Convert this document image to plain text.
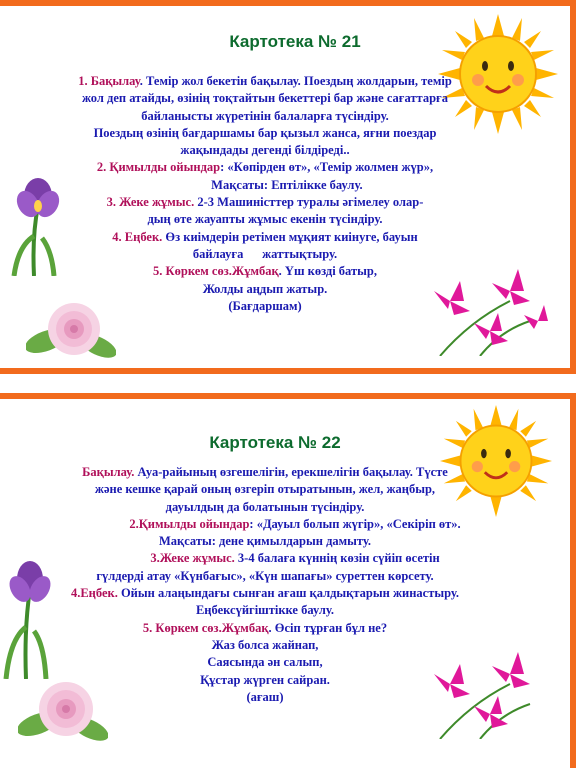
Картотека № 21
1. Бақылау. Темір жол бекетін бақылау. Поездың жолдарын, темір
жол деп атайды, өзінің тоқтайтын бекеттері бар және сағаттарға
байланысты жүретінін балаларға түсіндіру.
Поездың өзінің бағдаршамы бар қызыл жанса, яғни поездар
жақындады дегенді білдіреді..
2. Қимылды ойындар: «Көпірден өт», «Темір жолмен жүр»,
Мақсаты: Ептілікке баулу.
3. Жеке жұмыс. 2-3 Машиністтер туралы әгімелеу олар-
дың өте жауапты жұмыс екенін түсіндіру.
4. Еңбек. Өз киімдерін ретімен мұқият киінуге, бауын
байлауға      жаттықтыру.
5. Көркем сөз.Жұмбақ. Үш көзді батыр,
Жолды аңдып жатыр.
(Бағдаршам)
Картотека № 22
Бақылау. Ауа-райының өзгешелігін, ерекшелігін бақылау. Түсте
және кешке қарай оның өзгеріп отыратынын, жел, жаңбыр,
дауылдың да болатынын түсіндіру.
2.Қимылды ойындар: «Дауыл болып жүгір», «Секіріп өт».
Мақсаты: дене қимылдарын дамыту.
3.Жеке жұмыс. 3-4 балаға күннің көзін сүйіп өсетін
гүлдерді атау «Күнбағыс», «Күн шапағы» суреттен көрсету.
4.Еңбек. Ойын алаңындағы сынған ағаш қалдықтарын жинастыру.
Еңбексүйгіштікке баулу.
5. Көркем сөз.Жұмбақ. Өсіп тұрған бұл не?
Жаз болса жайнап,
Саясында ән салып,
Құстар жүрген сайран.
(ағаш)
